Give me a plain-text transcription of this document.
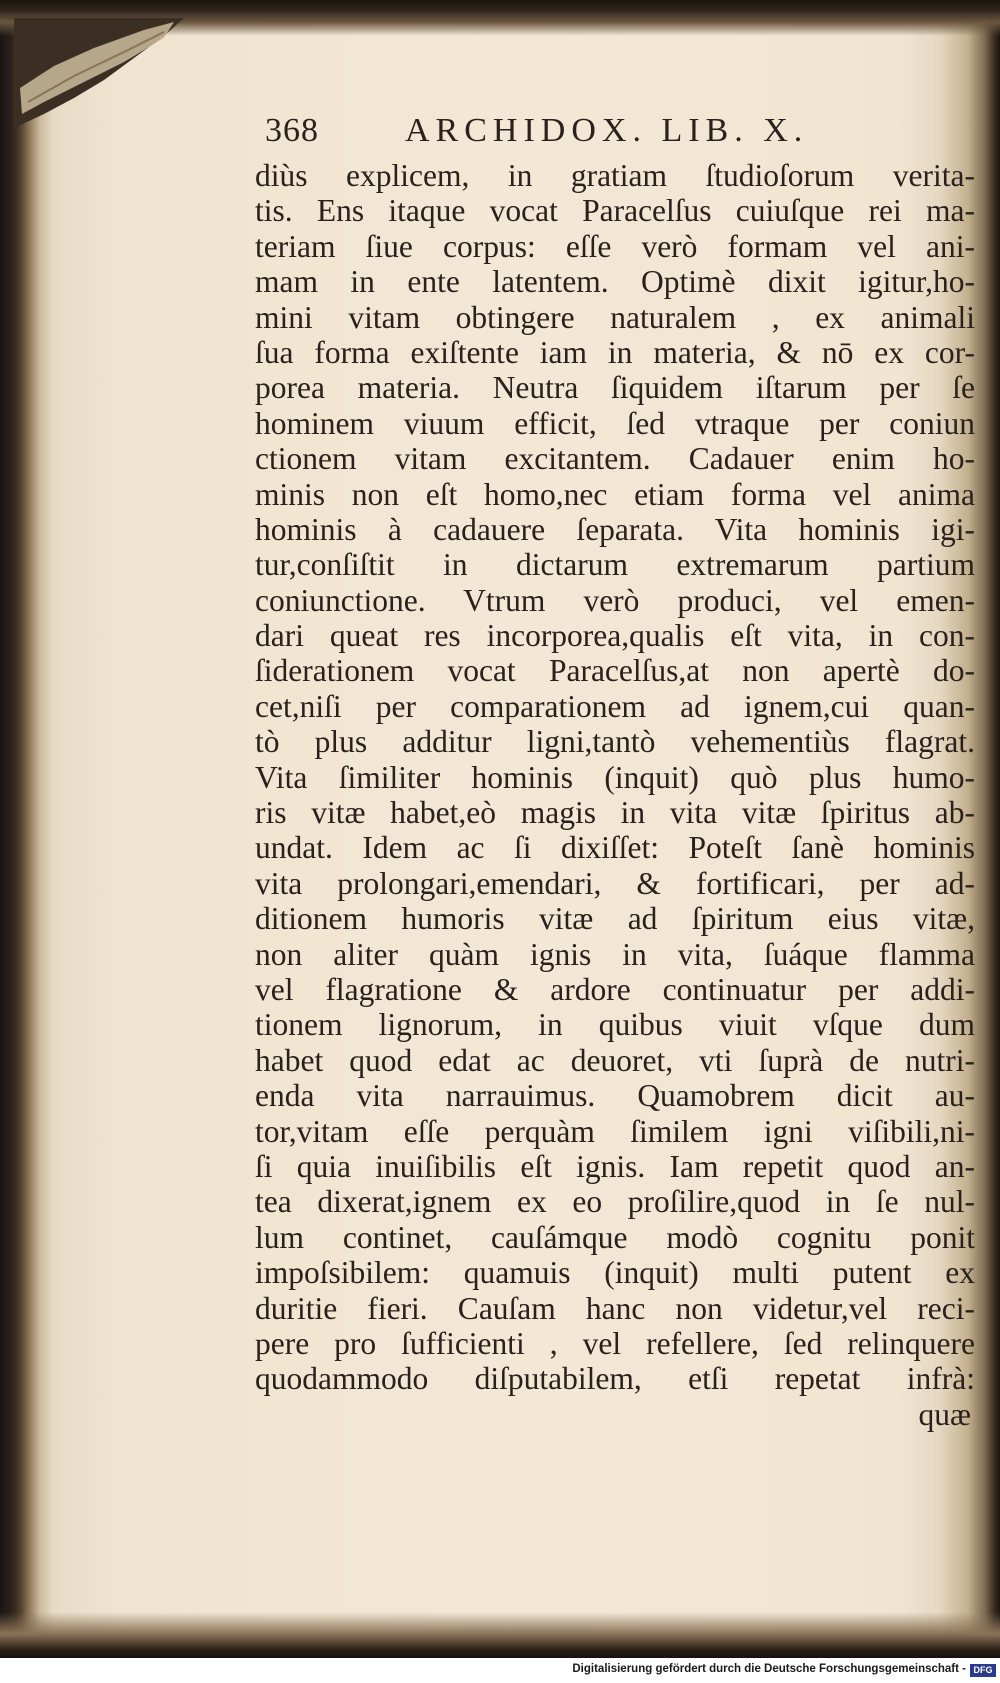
368	ARCHIDOX. LIB. X.
diùs explicem, in gratiam ſtudioſorum verita-
tis. Ens itaque vocat Paracelſus cuiuſque rei ma-
teriam ſiue corpus: eſſe verò formam vel ani-
mam in ente latentem. Optimè dixit igitur,ho-
mini vitam obtingere naturalem , ex animali
ſua forma exiſtente iam in materia, & nō ex cor-
porea materia. Neutra ſiquidem iſtarum per ſe
hominem viuum efficit, ſed vtraque per coniun
ctionem vitam excitantem. Cadauer enim ho-
minis non eſt homo,nec etiam forma vel anima
hominis à cadauere ſeparata. Vita hominis igi-
tur,conſiſtit in dictarum extremarum partium
coniunctione. Vtrum verò produci, vel emen-
dari queat res incorporea,qualis eſt vita, in con-
ſiderationem vocat Paracelſus,at non apertè do-
cet,niſi per comparationem ad ignem,cui quan-
tò plus additur ligni,tantò vehementiùs flagrat.
Vita ſimiliter hominis (inquit) quò plus humo-
ris vitæ habet,eò magis in vita vitæ ſpiritus ab-
undat. Idem ac ſi dixiſſet: Poteſt ſanè hominis
vita prolongari,emendari, & fortificari, per ad-
ditionem humoris vitæ ad ſpiritum eius vitæ,
non aliter quàm ignis in vita, ſuáque flamma
vel flagratione & ardore continuatur per addi-
tionem lignorum, in quibus viuit vſque dum
habet quod edat ac deuoret, vti ſuprà de nutri-
enda vita narrauimus. Quamobrem dicit au-
tor,vitam eſſe perquàm ſimilem igni viſibili,ni-
ſi quia inuiſibilis eſt ignis. Iam repetit quod an-
tea dixerat,ignem ex eo proſilire,quod in ſe nul-
lum continet, cauſámque modò cognitu ponit
impoſsibilem: quamuis (inquit) multi putent ex
duritie fieri. Cauſam hanc non videtur,vel reci-
pere pro ſufficienti , vel refellere, ſed relinquere
quodammodo diſputabilem, etſi repetat infrà:
quæ
Digitalisierung gefördert durch die Deutsche Forschungsgemeinschaft - DFG
